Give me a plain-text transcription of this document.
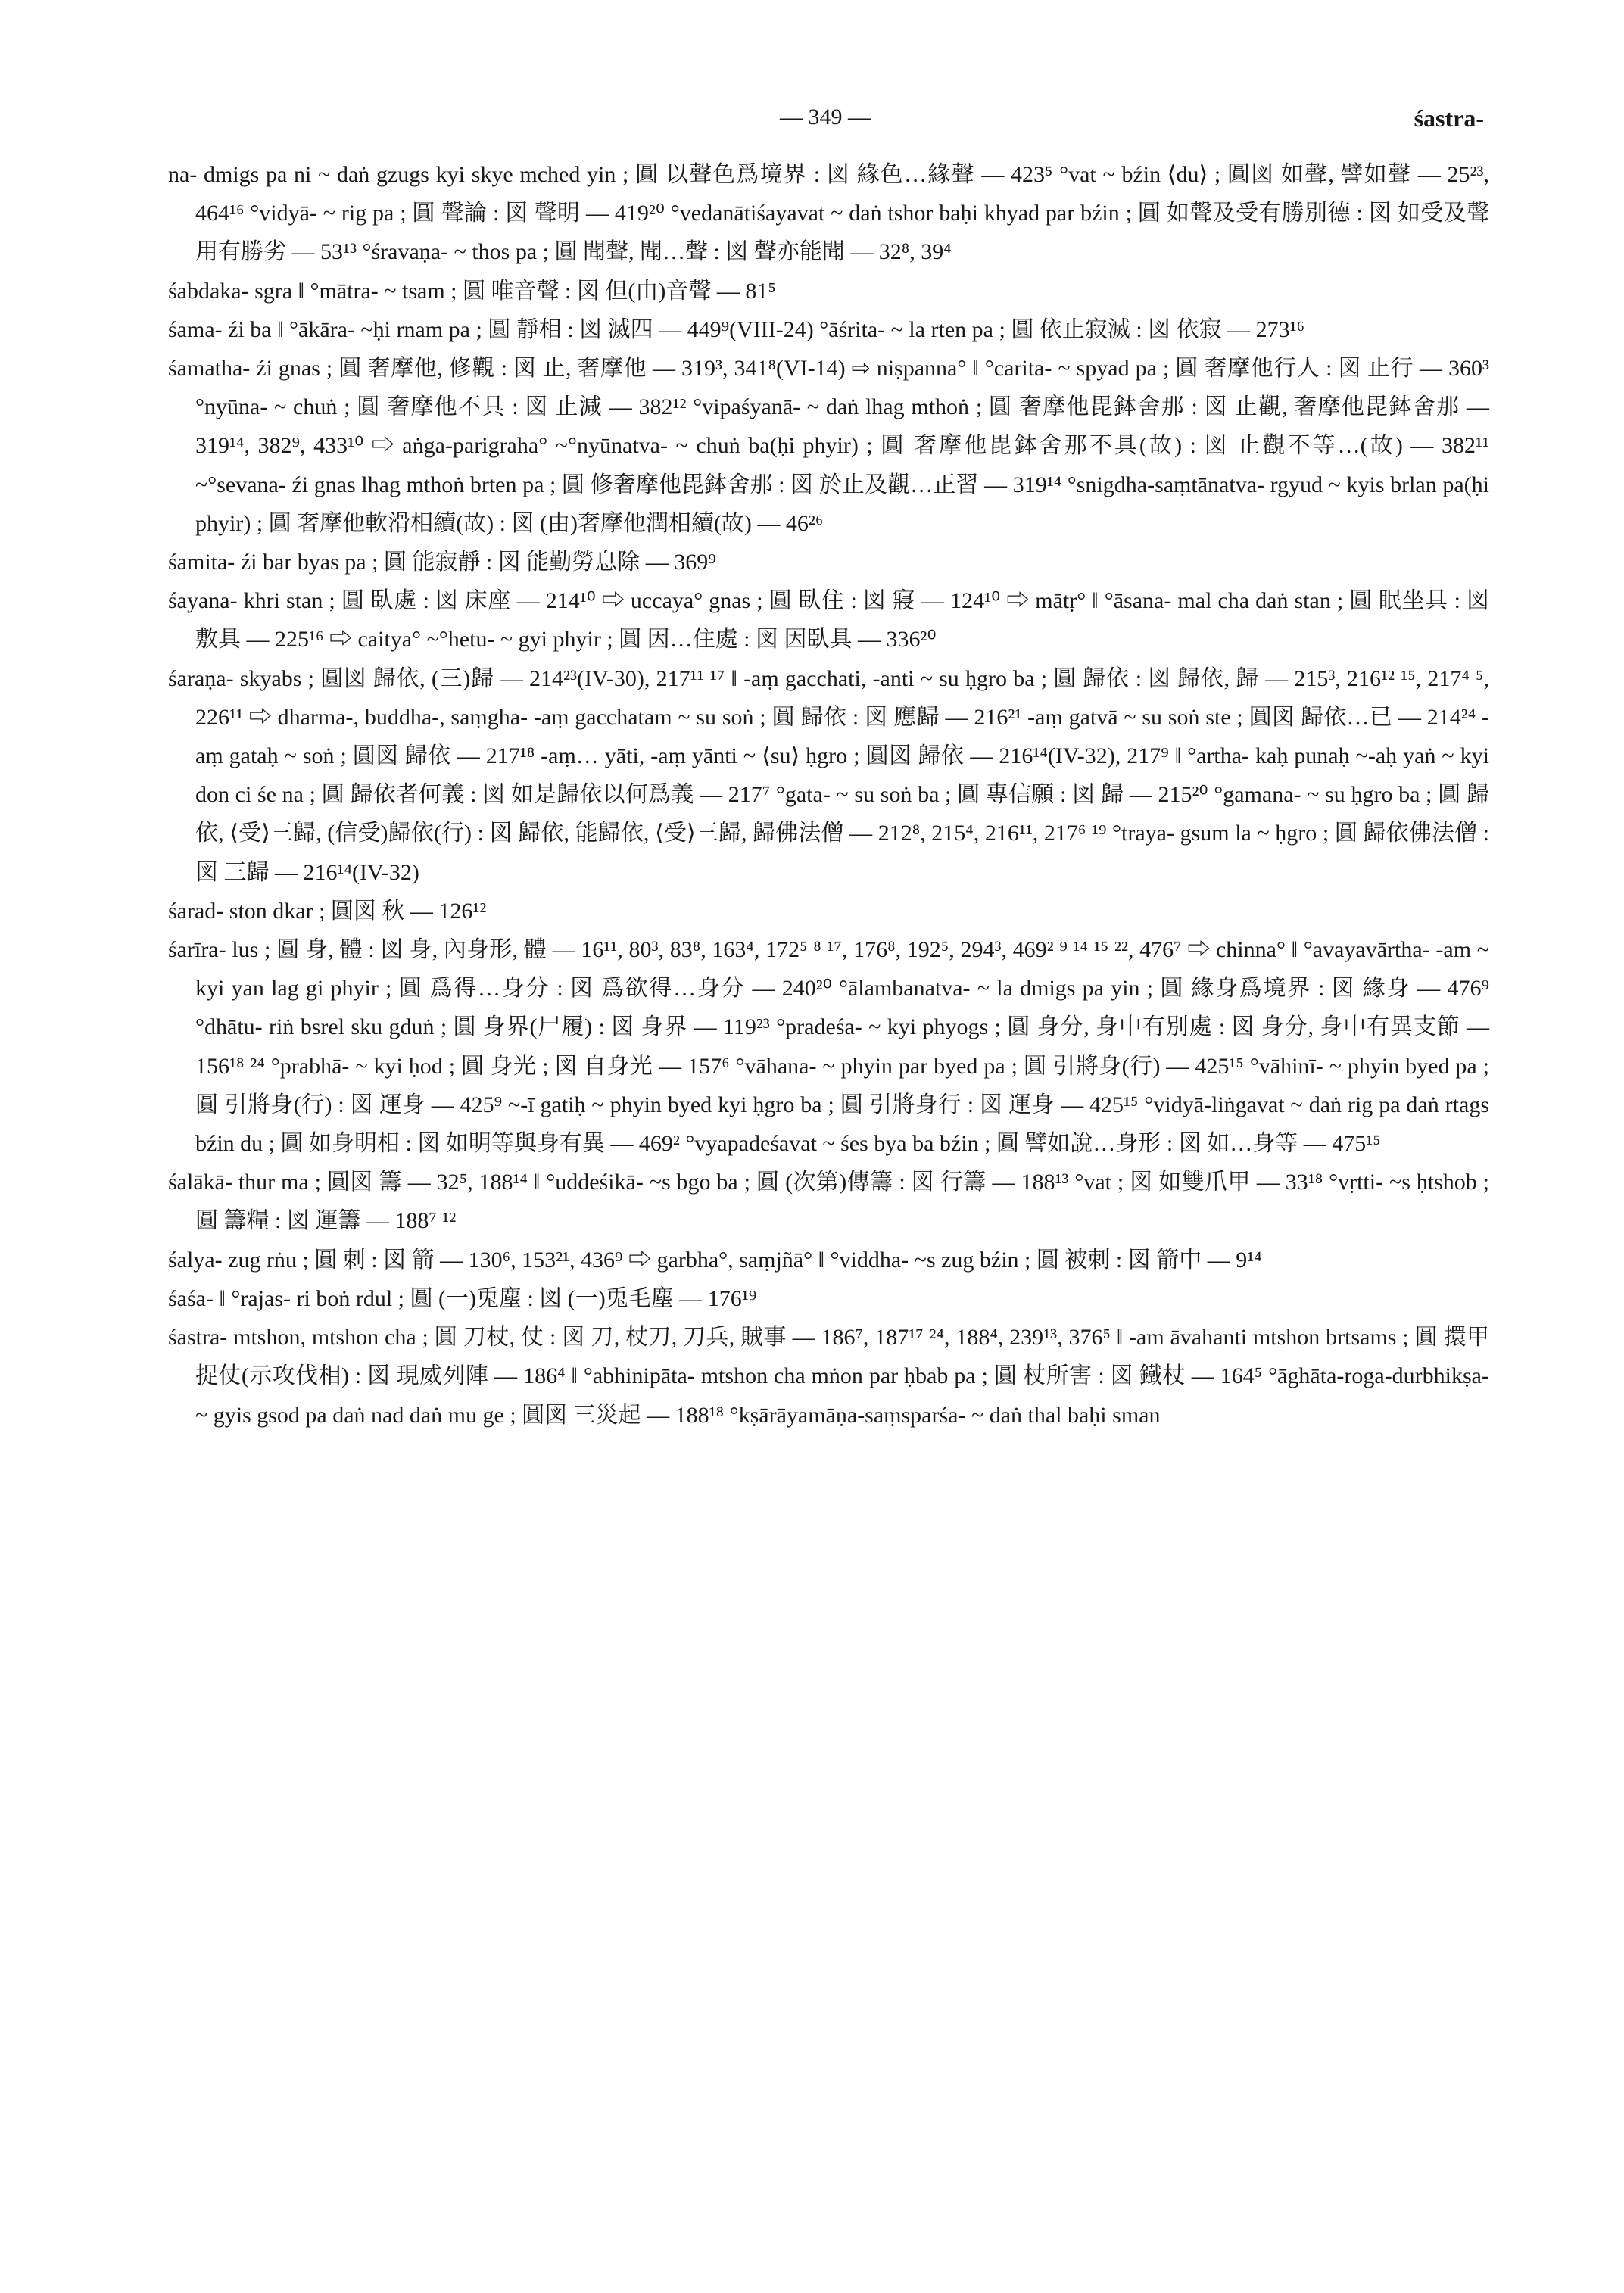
— 349 —	śastra-

na- dmigs pa ni ~ daṅ gzugs kyi skye mched yin ; 圓 以聲色爲境界 : 図 緣色…緣聲 — 423⁵ °vat ~ bźin ⟨du⟩ ; 圓図 如聲, 譬如聲 — 25²³, 464¹⁶ °vidyā- ~ rig pa ; 圓 聲論 : 図 聲明 — 419²⁰ °vedanātiśayavat ~ daṅ tshor baḥi khyad par bźin ; 圓 如聲及受有勝別德 : 図 如受及聲用有勝劣 — 53¹³ °śravaṇa- ~ thos pa ; 圓 聞聲, 聞…聲 : 図 聲亦能聞 — 32⁸, 39⁴

śabdaka- sgra ‖ °mātra- ~ tsam ; 圓 唯音聲 : 図 但(由)音聲 — 81⁵

śama- źi ba ‖ °ākāra- ~ḥi rnam pa ; 圓 靜相 : 図 滅四 — 449⁹(VIII-24) °āśrita- ~ la rten pa ; 圓 依止寂滅 : 図 依寂 — 273¹⁶

śamatha- źi gnas ; 圓 奢摩他, 修觀 : 図 止, 奢摩他 — 319³, 341⁸(VI-14) ⇨ niṣpanna° ‖ °carita- ~ spyad pa ; 圓 奢摩他行人 : 図 止行 — 360³ °nyūna- ~ chuṅ ; 圓 奢摩他不具 : 図 止減 — 382¹² °vipaśyanā- ~ daṅ lhag mthoṅ ; 圓 奢摩他毘鉢舍那 : 図 止觀, 奢摩他毘鉢舍那 — 319¹⁴, 382⁹, 433¹⁰ ⇨ aṅga-parigraha° ~°nyūnatva- ~ chuṅ ba(ḥi phyir) ; 圓 奢摩他毘鉢舍那不具(故) : 図 止觀不等…(故) — 382¹¹ ~°sevana- źi gnas lhag mthoṅ brten pa ; 圓 修奢摩他毘鉢舍那 : 図 於止及觀…正習 — 319¹⁴ °snigdha-saṃtānatva- rgyud ~ kyis brlan pa(ḥi phyir) ; 圓 奢摩他軟滑相續(故) : 図 (由)奢摩他潤相續(故) — 46²⁶

śamita- źi bar byas pa ; 圓 能寂靜 : 図 能勤勞息除 — 369⁹

śayana- khri stan ; 圓 臥處 : 図 床座 — 214¹⁰ ⇨ uccaya° gnas ; 圓 臥住 : 図 寢 — 124¹⁰ ⇨ mātṛ° ‖ °āsana- mal cha daṅ stan ; 圓 眠坐具 : 図 敷具 — 225¹⁶ ⇨ caitya° ~°hetu- ~ gyi phyir ; 圓 因…住處 : 図 因臥具 — 336²⁰

śaraṇa- skyabs ; 圓図 歸依, (三)歸 — 214²³(IV-30), 217¹¹ ¹⁷ ‖ -aṃ gacchati, -anti ~ su ḥgro ba ; 圓 歸依 : 図 歸依, 歸 — 215³, 216¹² ¹⁵, 217⁴ ⁵, 226¹¹ ⇨ dharma-, buddha-, saṃgha- -aṃ gacchatam ~ su soṅ ; 圓 歸依 : 図 應歸 — 216²¹ -aṃ gatvā ~ su soṅ ste ; 圓図 歸依…已 — 214²⁴ -aṃ gataḥ ~ soṅ ; 圓図 歸依 — 217¹⁸ -aṃ… yāti, -aṃ yānti ~ ⟨su⟩ ḥgro ; 圓図 歸依 — 216¹⁴(IV-32), 217⁹ ‖ °artha- kaḥ punaḥ ~-aḥ yaṅ ~ kyi don ci śe na ; 圓 歸依者何義 : 図 如是歸依以何爲義 — 217⁷ °gata- ~ su soṅ ba ; 圓 專信願 : 図 歸 — 215²⁰ °gamana- ~ su ḥgro ba ; 圓 歸依, ⟨受⟩三歸, (信受)歸依(行) : 図 歸依, 能歸依, ⟨受⟩三歸, 歸佛法僧 — 212⁸, 215⁴, 216¹¹, 217⁶ ¹⁹ °traya- gsum la ~ ḥgro ; 圓 歸依佛法僧 : 図 三歸 — 216¹⁴(IV-32)

śarad- ston dkar ; 圓図 秋 — 126¹²

śarīra- lus ; 圓 身, 體 : 図 身, 內身形, 體 — 16¹¹, 80³, 83⁸, 163⁴, 172⁵ ⁸ ¹⁷, 176⁸, 192⁵, 294³, 469² ⁹ ¹⁴ ¹⁵ ²², 476⁷ ⇨ chinna° ‖ °avayavārtha- -am ~ kyi yan lag gi phyir ; 圓 爲得…身分 : 図 爲欲得…身分 — 240²⁰ °ālambanatva- ~ la dmigs pa yin ; 圓 緣身爲境界 : 図 緣身 — 476⁹ °dhātu- riṅ bsrel sku gduṅ ; 圓 身界(尸履) : 図 身界 — 119²³ °pradeśa- ~ kyi phyogs ; 圓 身分, 身中有別處 : 図 身分, 身中有異支節 — 156¹⁸ ²⁴ °prabhā- ~ kyi ḥod ; 圓 身光 ; 図 自身光 — 157⁶ °vāhana- ~ phyin par byed pa ; 圓 引將身(行) — 425¹⁵ °vāhinī- ~ phyin byed pa ; 圓 引將身(行) : 図 運身 — 425⁹ ~-ī gatiḥ ~ phyin byed kyi ḥgro ba ; 圓 引將身行 : 図 運身 — 425¹⁵ °vidyā-liṅgavat ~ daṅ rig pa daṅ rtags bźin du ; 圓 如身明相 : 図 如明等與身有異 — 469² °vyapadeśavat ~ śes bya ba bźin ; 圓 譬如說…身形 : 図 如…身等 — 475¹⁵

śalākā- thur ma ; 圓図 籌 — 32⁵, 188¹⁴ ‖ °uddeśikā- ~s bgo ba ; 圓 (次第)傳籌 : 図 行籌 — 188¹³ °vat ; 図 如雙爪甲 — 33¹⁸ °vṛtti- ~s ḥtshob ; 圓 籌糧 : 図 運籌 — 188⁷ ¹²

śalya- zug rṅu ; 圓 刺 : 図 箭 — 130⁶, 153²¹, 436⁹ ⇨ garbha°, saṃjñā° ‖ °viddha- ~s zug bźin ; 圓 被刺 : 図 箭中 — 9¹⁴

śaśa- ‖ °rajas- ri boṅ rdul ; 圓 (一)兎塵 : 図 (一)兎毛塵 — 176¹⁹

śastra- mtshon, mtshon cha ; 圓 刀杖, 仗 : 図 刀, 杖刀, 刀兵, 賊事 — 186⁷, 187¹⁷ ²⁴, 188⁴, 239¹³, 376⁵ ‖ -am āvahanti mtshon brtsams ; 圓 擐甲捉仗(示攻伐相) : 図 現威列陣 — 186⁴ ‖ °abhinipāta- mtshon cha mṅon par ḥbab pa ; 圓 杖所害 : 図 鐵杖 — 164⁵ °āghāta-roga-durbhikṣa- ~ gyis gsod pa daṅ nad daṅ mu ge ; 圓図 三災起 — 188¹⁸ °kṣārāyamāṇa-saṃsparśa- ~ daṅ thal baḥi sman
